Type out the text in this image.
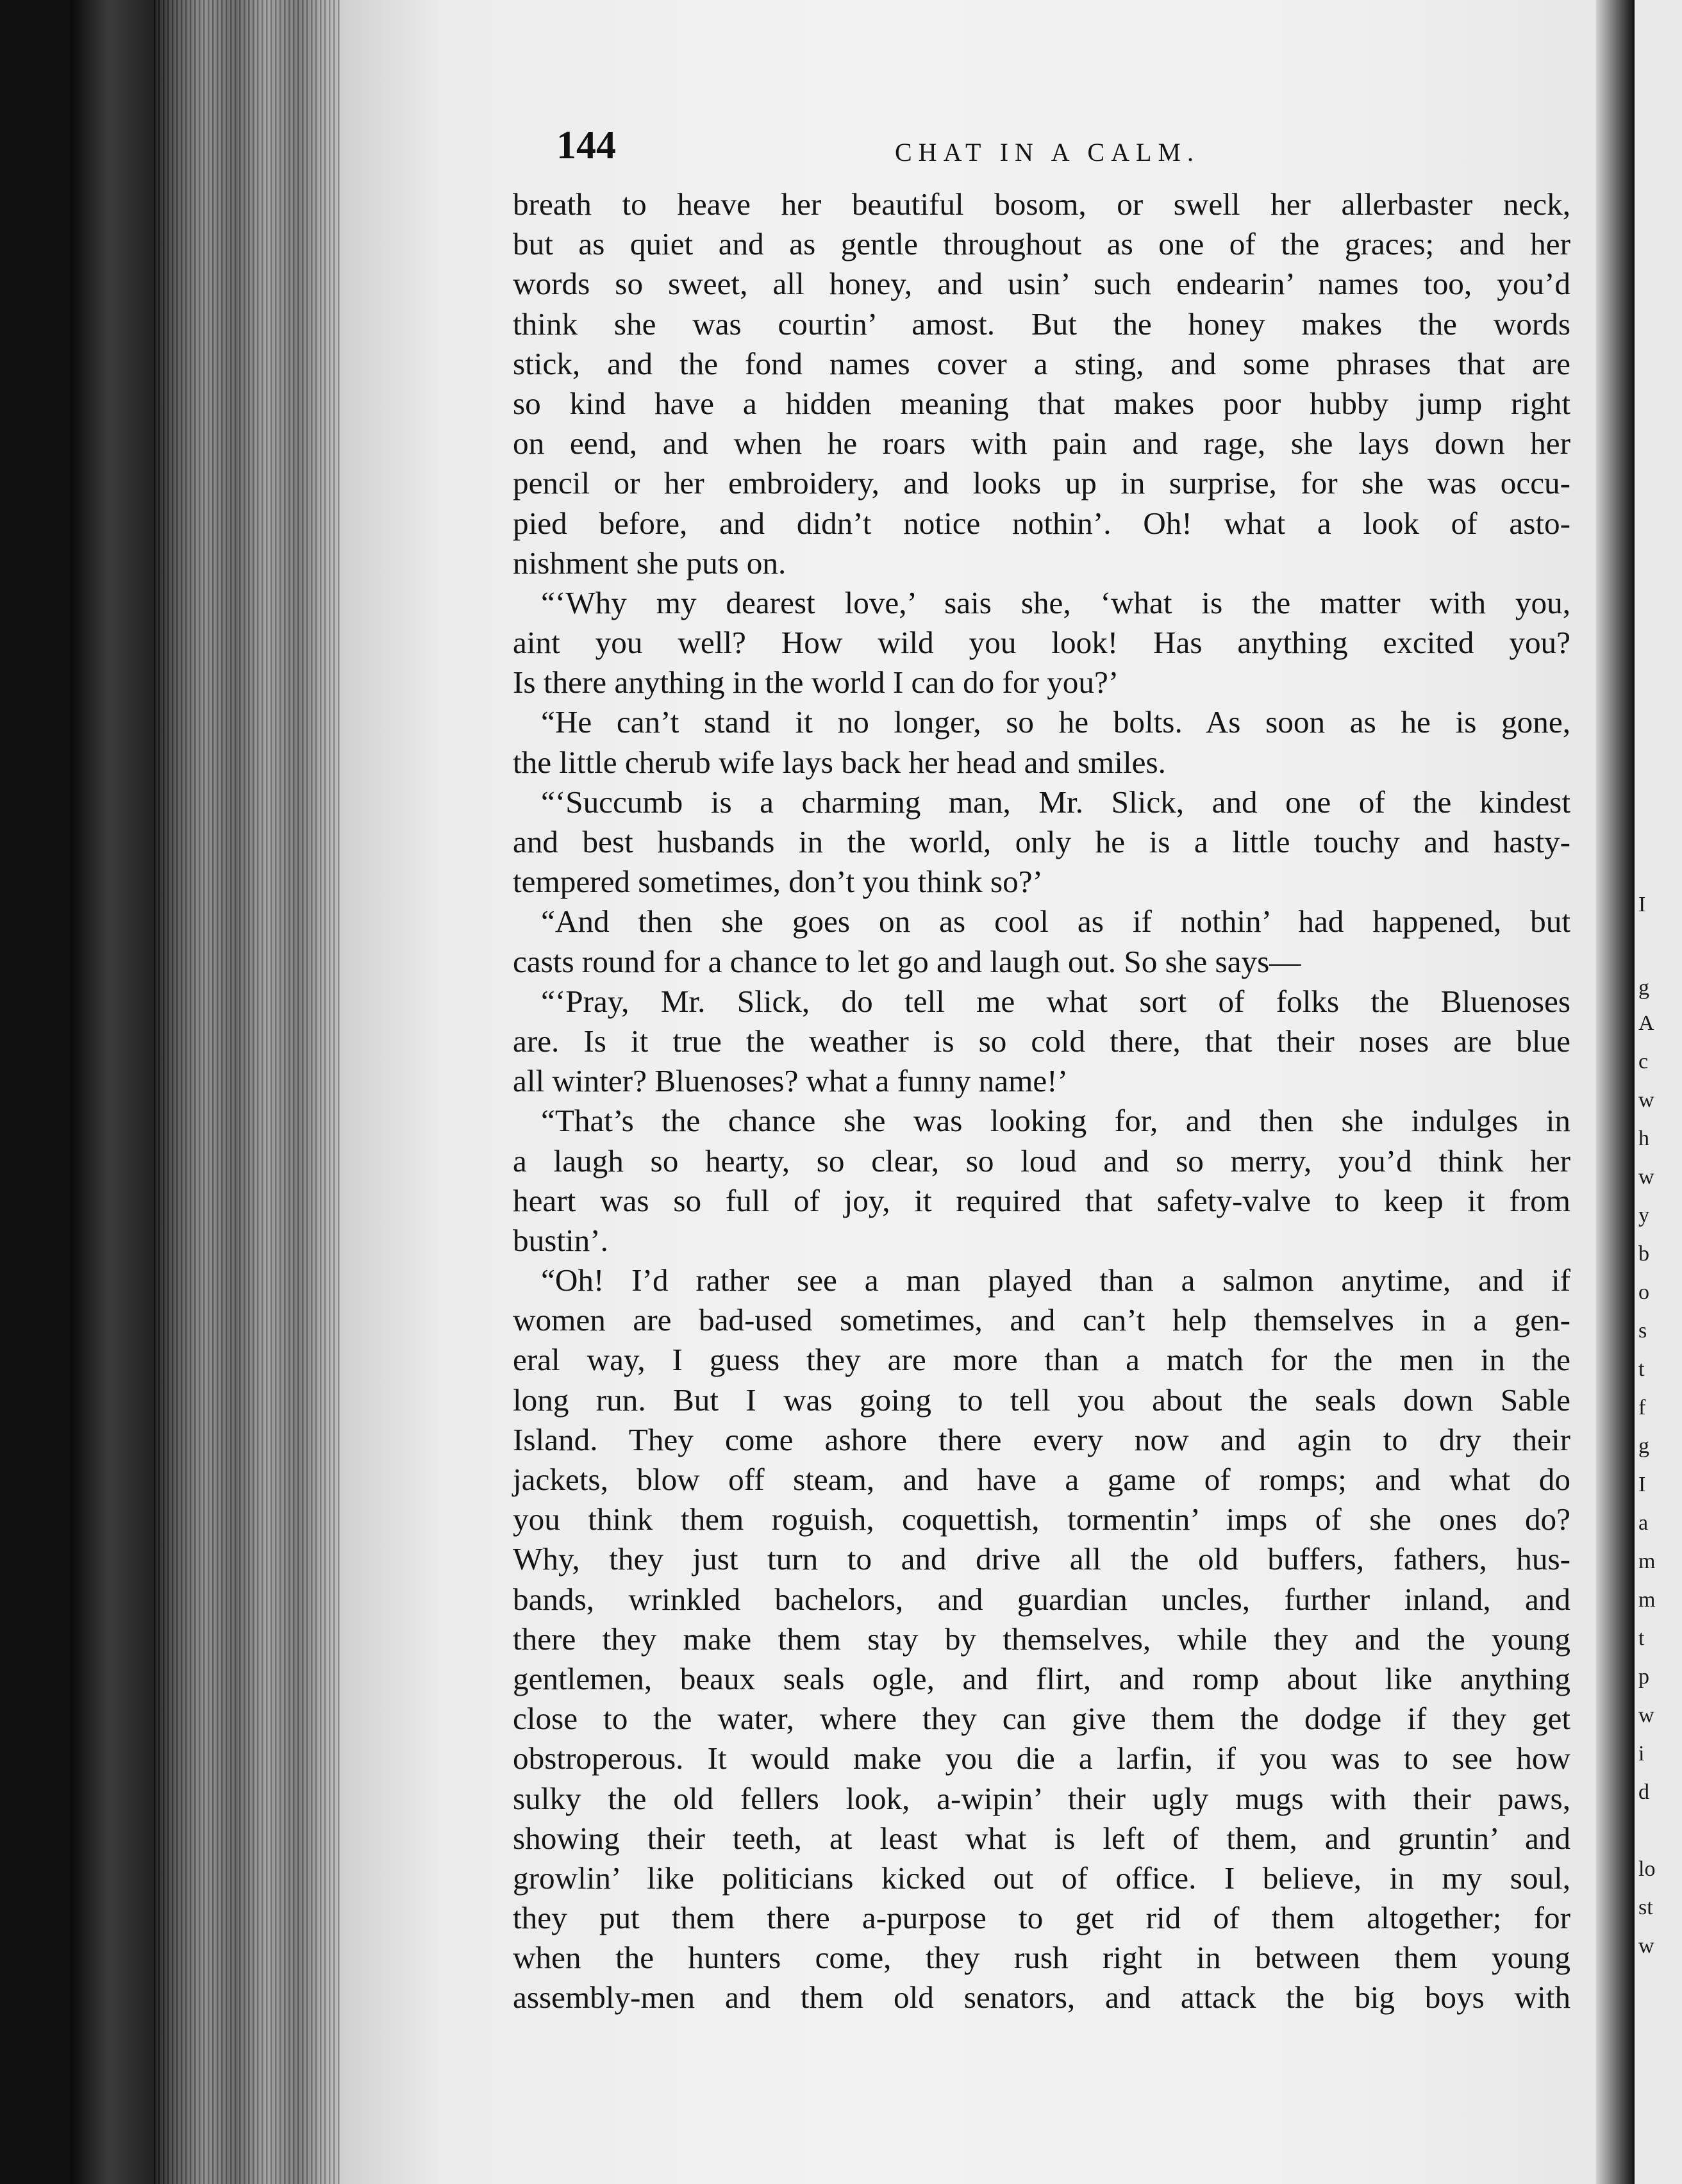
I
g
A
c
w
h
w
y
b
o
s
t
f
g
I
a
m
m
t
p
w
i
d
lo
st
w
144	CHAT IN A CALM.
breath to heave her beautiful bosom, or swell her allerbaster neck,
but as quiet and as gentle throughout as one of the graces; and her
words so sweet, all honey, and usin’ such endearin’ names too, you’d
think she was courtin’ amost. But the honey makes the words
stick, and the fond names cover a sting, and some phrases that are
so kind have a hidden meaning that makes poor hubby jump right
on eend, and when he roars with pain and rage, she lays down her
pencil or her embroidery, and looks up in surprise, for she was occu-
pied before, and didn’t notice nothin’. Oh! what a look of asto-
nishment she puts on.
“‘Why my dearest love,’ sais she, ‘what is the matter with you,
aint you well? How wild you look! Has anything excited you?
Is there anything in the world I can do for you?’
“He can’t stand it no longer, so he bolts. As soon as he is gone,
the little cherub wife lays back her head and smiles.
“‘Succumb is a charming man, Mr. Slick, and one of the kindest
and best husbands in the world, only he is a little touchy and hasty-
tempered sometimes, don’t you think so?’
“And then she goes on as cool as if nothin’ had happened, but
casts round for a chance to let go and laugh out. So she says—
“‘Pray, Mr. Slick, do tell me what sort of folks the Bluenoses
are. Is it true the weather is so cold there, that their noses are blue
all winter? Bluenoses? what a funny name!’
“That’s the chance she was looking for, and then she indulges in
a laugh so hearty, so clear, so loud and so merry, you’d think her
heart was so full of joy, it required that safety-valve to keep it from
bustin’.
“Oh! I’d rather see a man played than a salmon anytime, and if
women are bad-used sometimes, and can’t help themselves in a gen-
eral way, I guess they are more than a match for the men in the
long run. But I was going to tell you about the seals down Sable
Island. They come ashore there every now and agin to dry their
jackets, blow off steam, and have a game of romps; and what do
you think them roguish, coquettish, tormentin’ imps of she ones do?
Why, they just turn to and drive all the old buffers, fathers, hus-
bands, wrinkled bachelors, and guardian uncles, further inland, and
there they make them stay by themselves, while they and the young
gentlemen, beaux seals ogle, and flirt, and romp about like anything
close to the water, where they can give them the dodge if they get
obstroperous. It would make you die a larfin, if you was to see how
sulky the old fellers look, a-wipin’ their ugly mugs with their paws,
showing their teeth, at least what is left of them, and gruntin’ and
growlin’ like politicians kicked out of office. I believe, in my soul,
they put them there a-purpose to get rid of them altogether; for
when the hunters come, they rush right in between them young
assembly-men and them old senators, and attack the big boys with
